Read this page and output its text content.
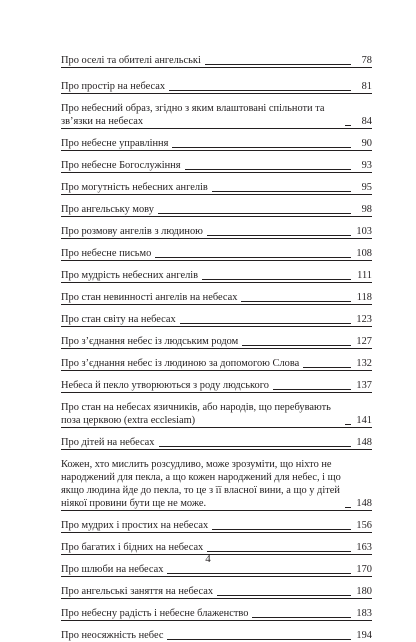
Про оселі та обителі ангельські	78
Про простір на небесах	81
Про небесний образ, згідно з яким влаштовані спільноти та зв’язки на небесах	84
Про небесне управління	90
Про небесне Богослужіння	93
Про могутність небесних ангелів	95
Про ангельську мову	98
Про розмову ангелів з людиною	103
Про небесне письмо	108
Про мудрість небесних ангелів	111
Про стан невинності ангелів на небесах	118
Про стан світу на небесах	123
Про з’єднання небес із людським родом	127
Про з’єднання небес із людиною за допомогою Слова	132
Небеса й пекло утворюються з роду людського	137
Про стан на небесах язичників, або народів, що перебувають поза церквою (extra ecclesiam)	141
Про дітей на небесах	148
Кожен, хто мислить розсудливо, може зрозуміти, що ніхто не народжений для пекла, а що кожен народжений для небес, і що якщо людина йде до пекла, то це з її власної вини, а що у дітей ніякої провини бути ще не може.	148
Про мудрих і простих на небесах	156
Про багатих і бідних на небесах	163
Про шлюби на небесах	170
Про ангельські заняття на небесах	180
Про небесну радість і небесне блаженство	183
Про неосяжність небес	194
4
